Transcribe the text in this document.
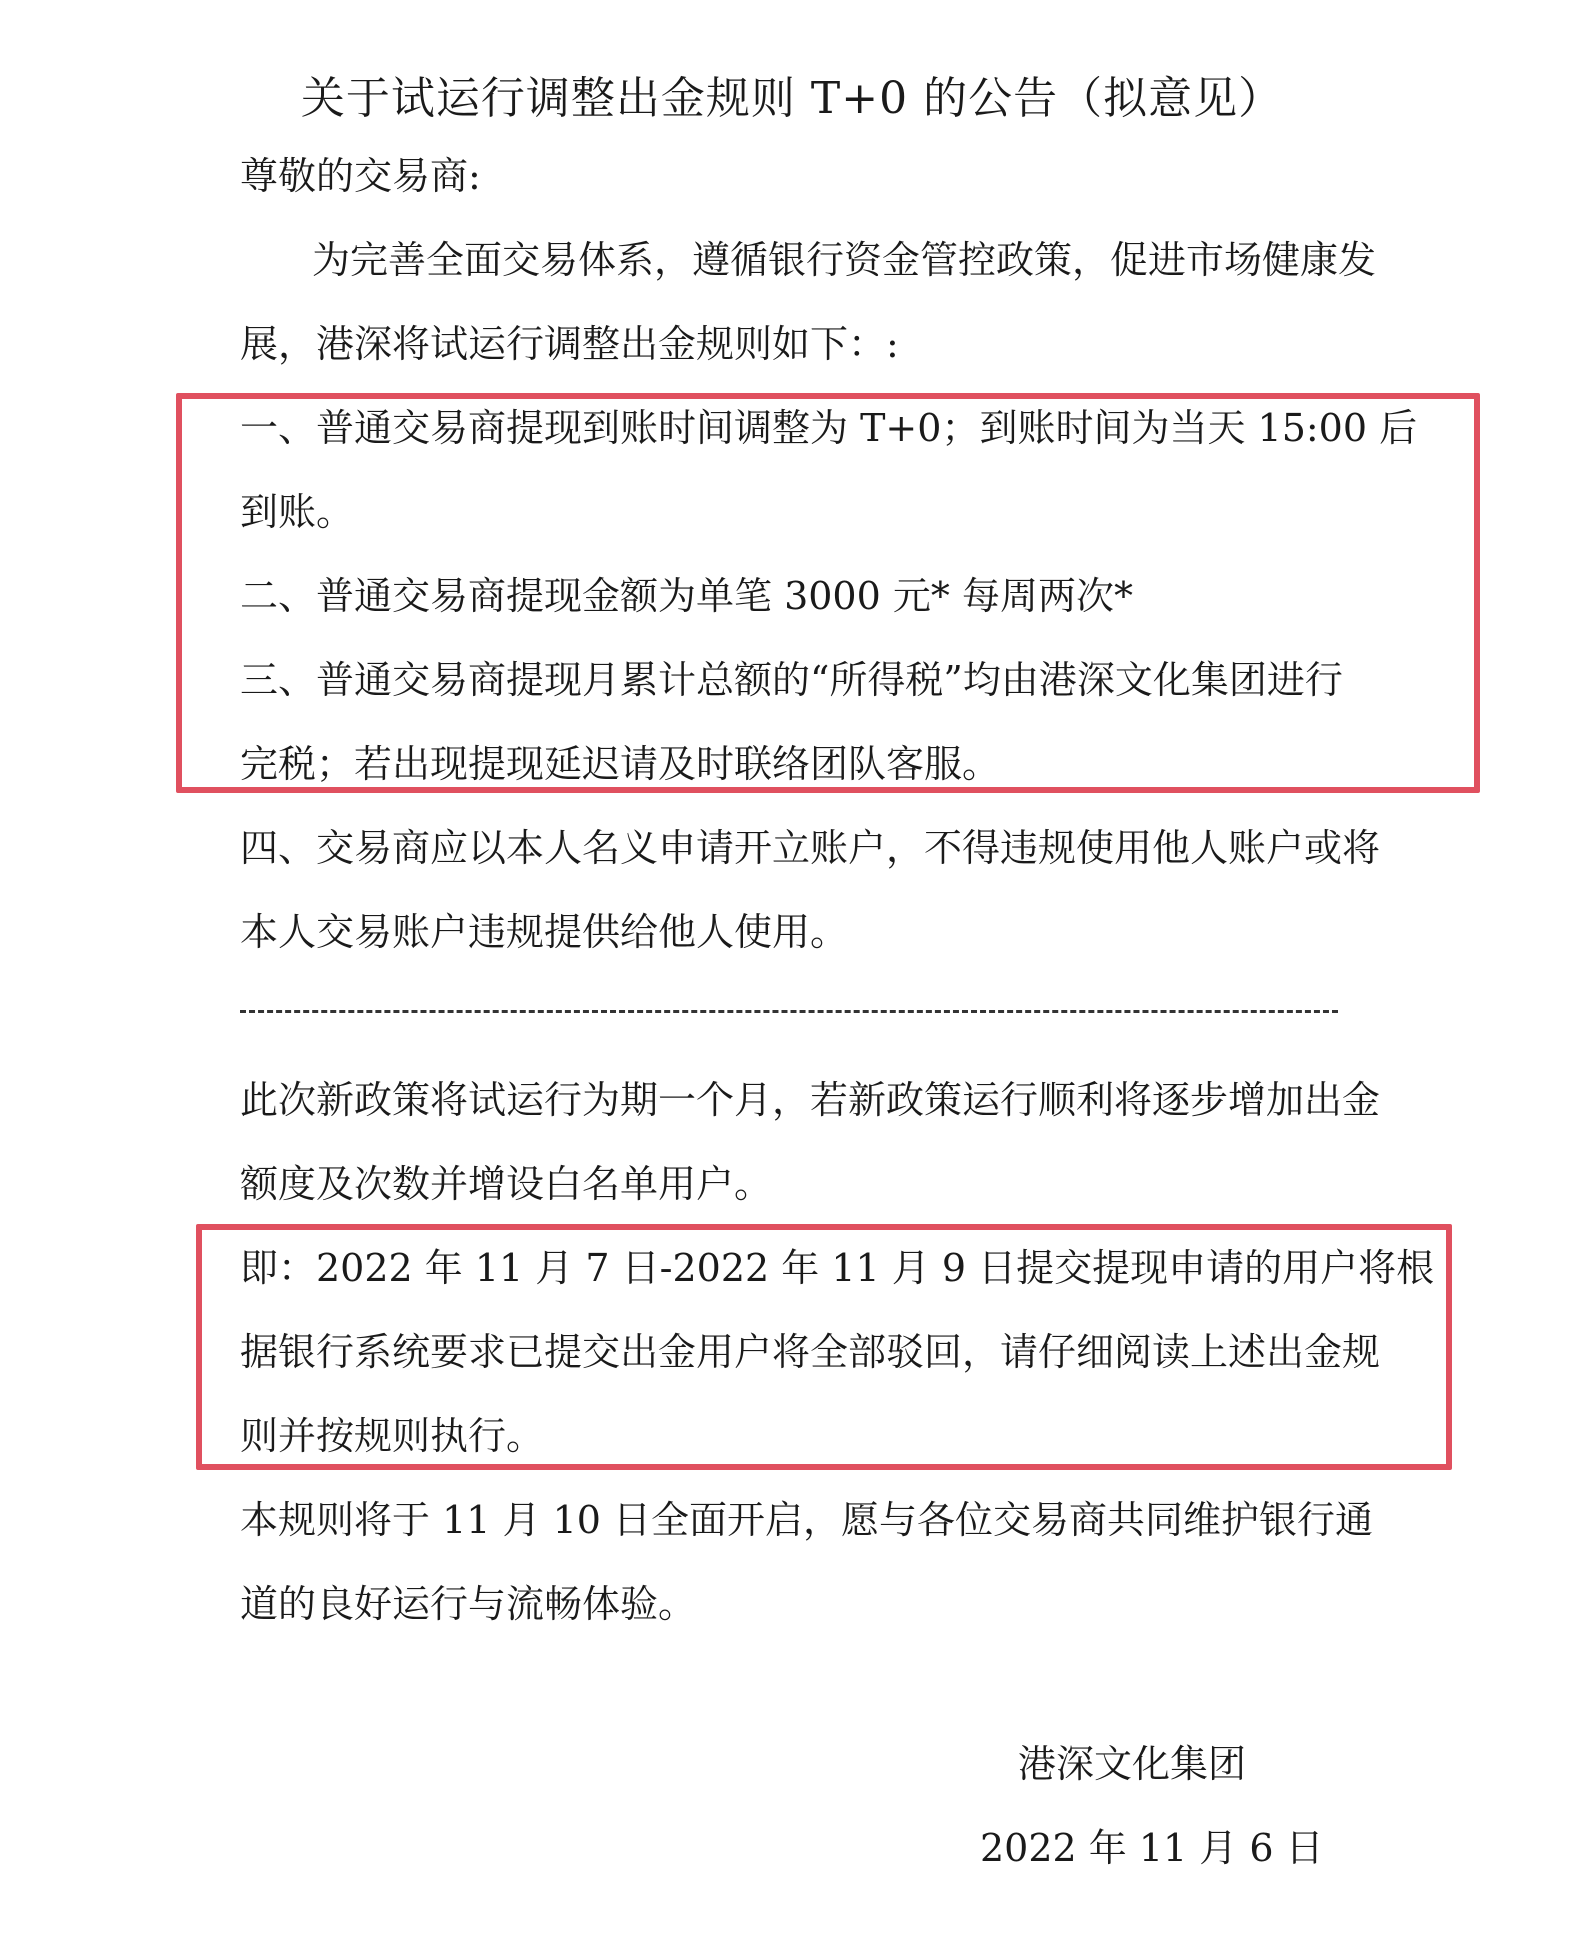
关于试运行调整出金规则 T+0 的公告（拟意见）
尊敬的交易商:
为完善全面交易体系，遵循银行资金管控政策，促进市场健康发
展，港深将试运行调整出金规则如下：:
一、普通交易商提现到账时间调整为 T+0；到账时间为当天 15:00 后
到账。
二、普通交易商提现金额为单笔 3000 元* 每周两次*
三、普通交易商提现月累计总额的“所得税”均由港深文化集团进行
完税；若出现提现延迟请及时联络团队客服。
四、交易商应以本人名义申请开立账户，不得违规使用他人账户或将
本人交易账户违规提供给他人使用。
此次新政策将试运行为期一个月，若新政策运行顺利将逐步增加出金
额度及次数并增设白名单用户。
即：2022 年 11 月 7 日-2022 年 11 月 9 日提交提现申请的用户将根
据银行系统要求已提交出金用户将全部驳回，请仔细阅读上述出金规
则并按规则执行。
本规则将于 11 月 10 日全面开启，愿与各位交易商共同维护银行通
道的良好运行与流畅体验。
港深文化集团
2022 年 11 月 6 日
